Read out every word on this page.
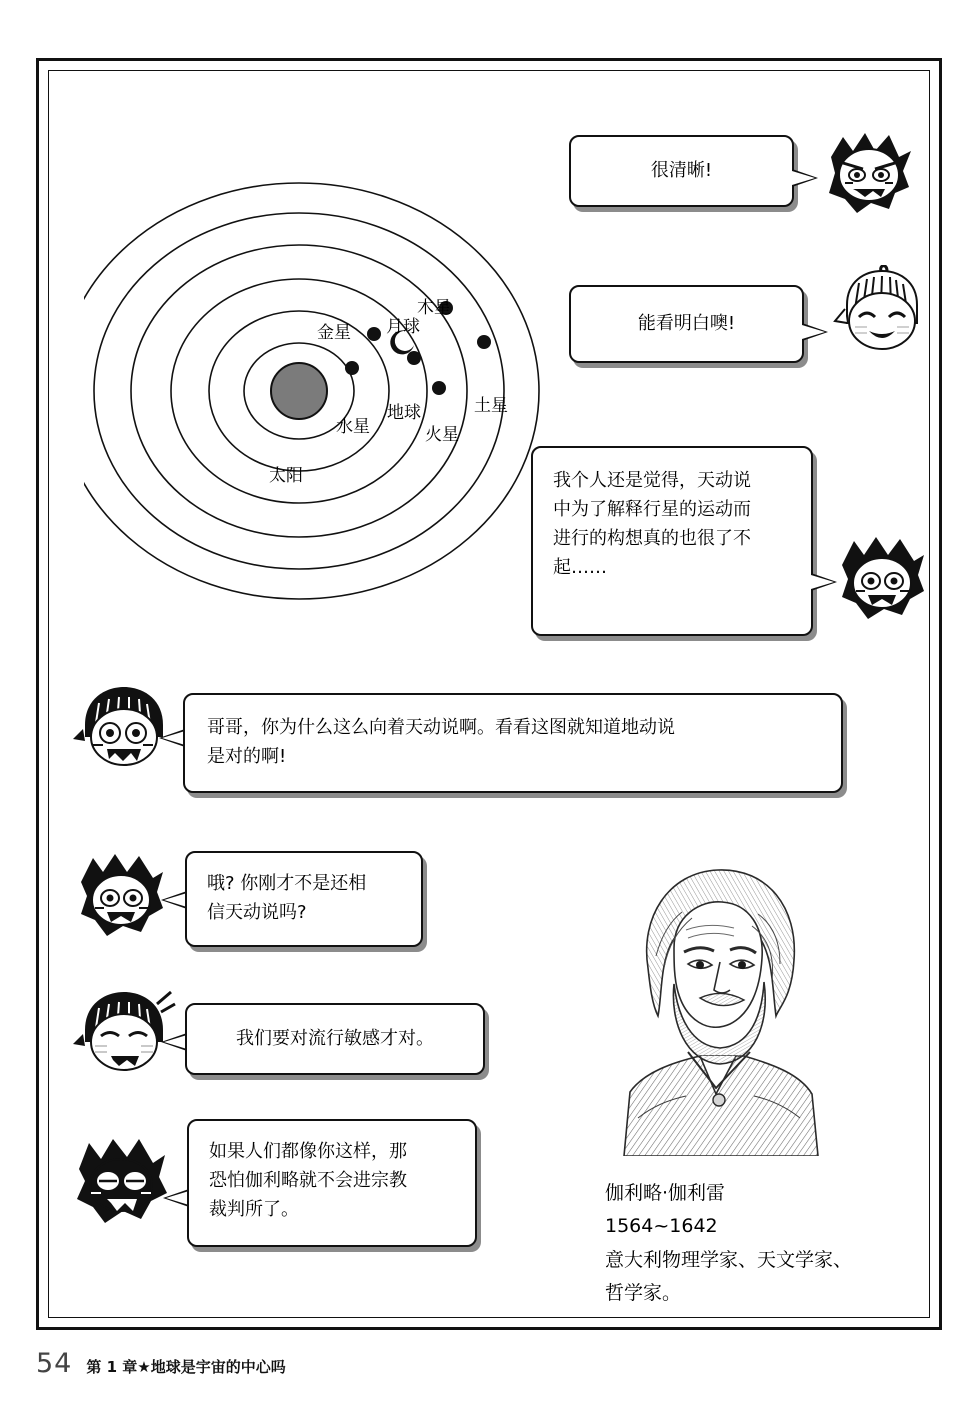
太阳
水星
金星
地球
月球
火星
木星
土星

很清晰!

能看明白噢!

我个人还是觉得，天动说

中为了解释行星的运动而

进行的构想真的也很了不

起……

哥哥，你为什么这么向着天动说啊。看看这图就知道地动说

是对的啊!

哦? 你刚才不是还相

信天动说吗?

我们要对流行敏感才对。

如果人们都像你这样，那

恐怕伽利略就不会进宗教

裁判所了。

伽利略·伽利雷
1564~1642
意大利物理学家、天文学家、
哲学家。
54 第 1 章★地球是宇宙的中心吗
